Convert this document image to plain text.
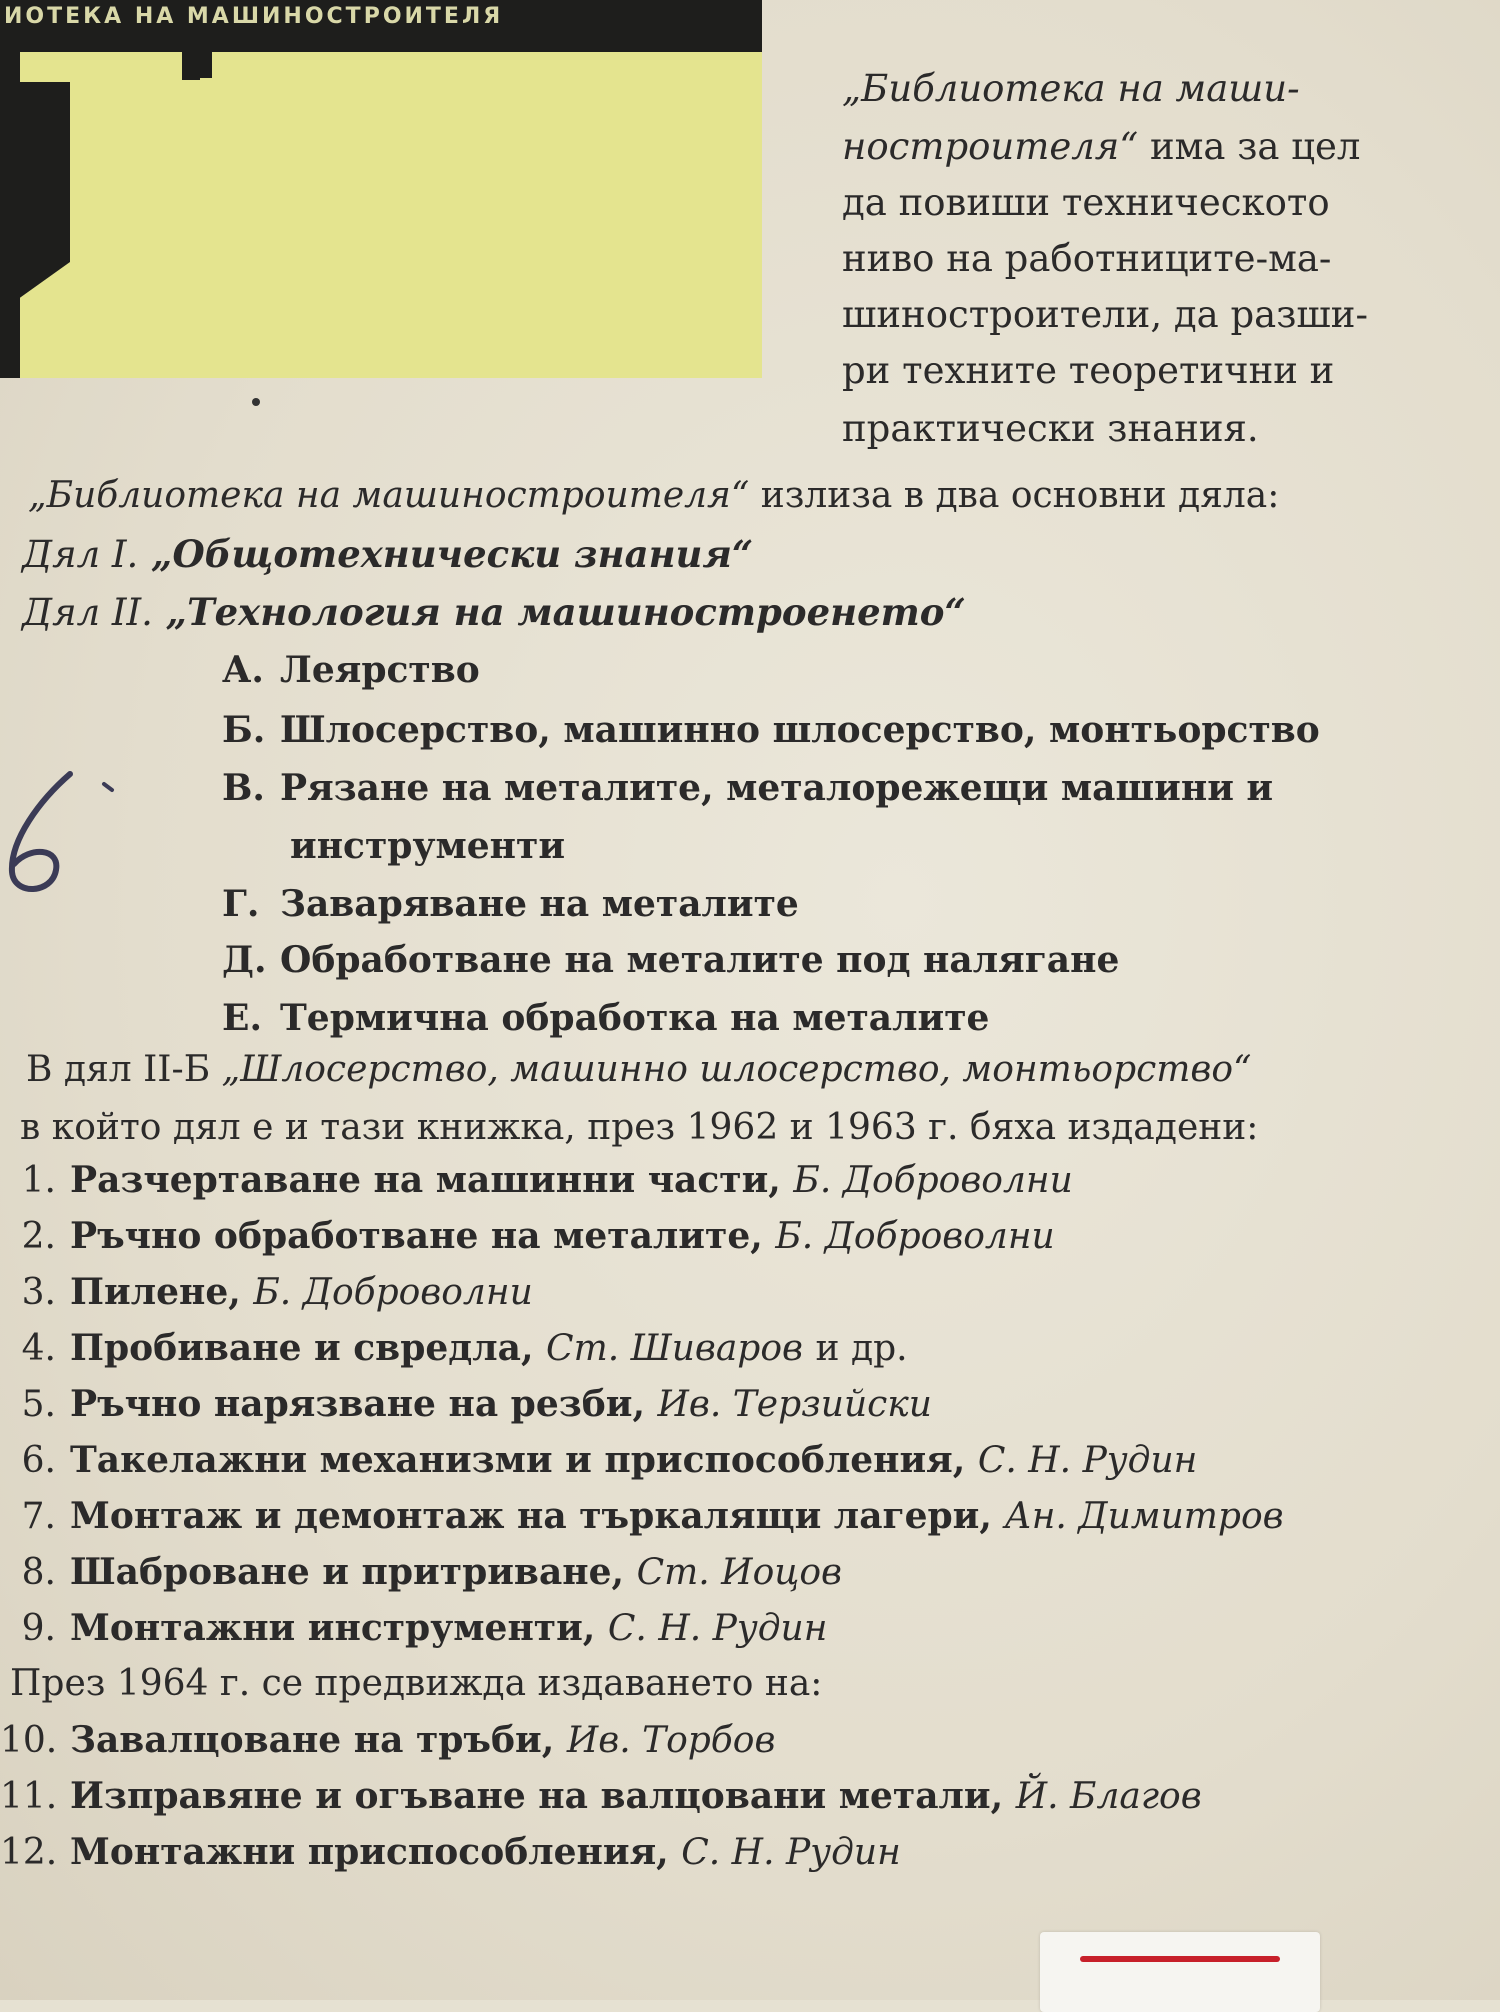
ИОТЕКА НА МАШИНОСТРОИТЕЛЯ
„Библиотека на маши-
ностроителя“ има за цел
да повиши техническото
ниво на работниците-ма-
шиностроители, да разши-
ри техните теоретични и
практически знания.
„Библиотека на машиностроителя“ излиза в два основни дяла:
Дял I. „Общотехнически знания“
Дял II. „Технология на машиностроенето“
А. Леярство
Б. Шлосерство, машинно шлосерство, монтьорство
В. Рязане на металите, металорежещи машини и
инструменти
Г. Заваряване на металите
Д. Обработване на металите под налягане
Е. Термична обработка на металите
В дял II-Б „Шлосерство, машинно шлосерство, монтьорство“
в който дял е и тази книжка, през 1962 и 1963 г. бяха издадени:
1. Разчертаване на машинни части, Б. Доброволни
2. Ръчно обработване на металите, Б. Доброволни
3. Пилене, Б. Доброволни
4. Пробиване и свредла, Ст. Шиваров и др.
5. Ръчно нарязване на резби, Ив. Терзийски
6. Такелажни механизми и приспособления, С. Н. Рудин
7. Монтаж и демонтаж на търкалящи лагери, Ан. Димитров
8. Шаброване и притриване, Ст. Иоцов
9. Монтажни инструменти, С. Н. Рудин
През 1964 г. се предвижда издаването на:
10. Завалцоване на тръби, Ив. Торбов
11. Изправяне и огъване на валцовани метали, Й. Благов
12. Монтажни приспособления, С. Н. Рудин
